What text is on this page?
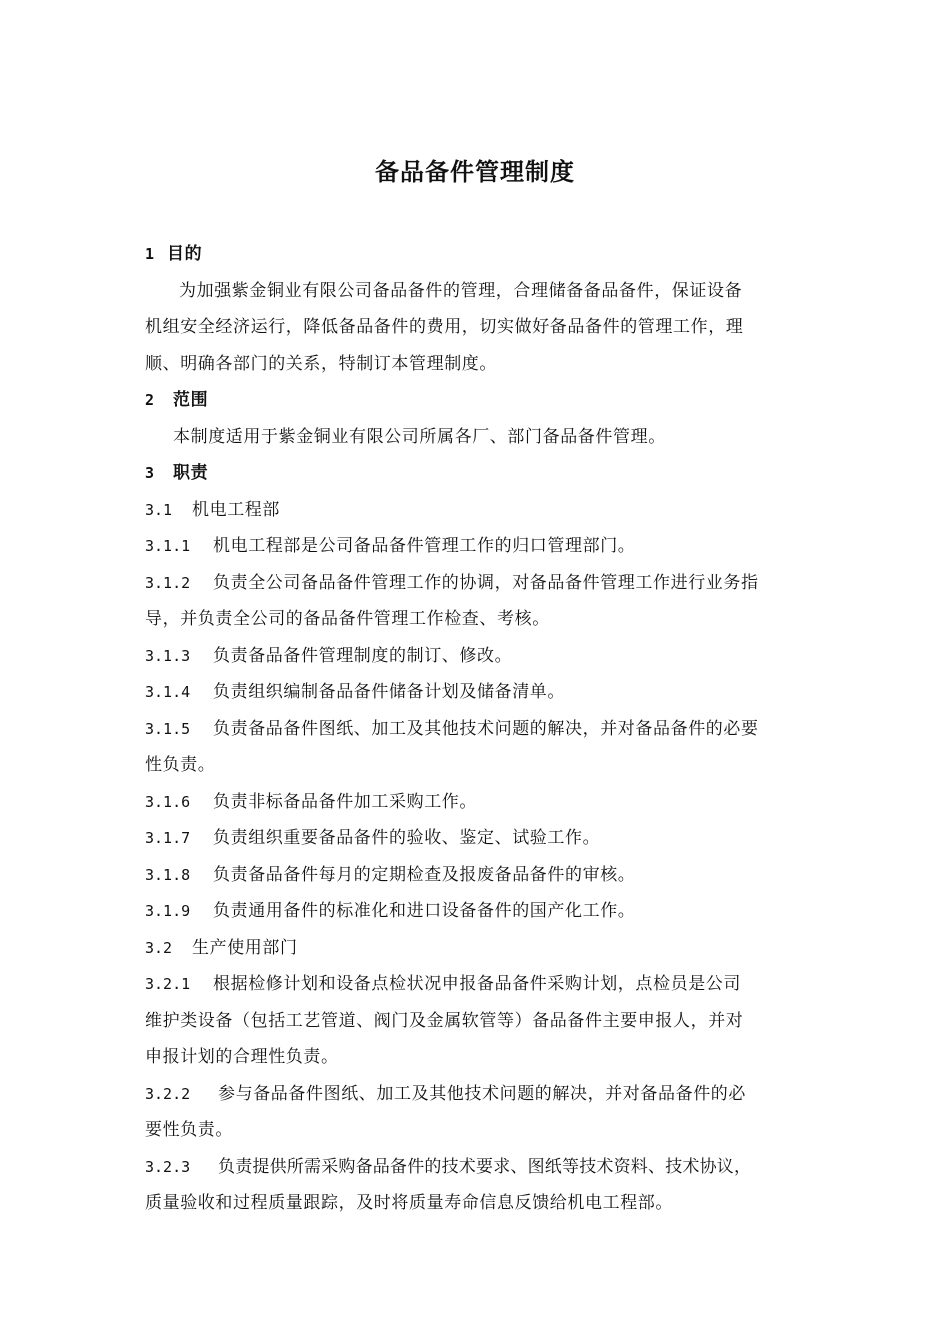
备品备件管理制度
1 目的
为加强紫金铜业有限公司备品备件的管理，合理储备备品备件，保证设备
机组安全经济运行，降低备品备件的费用，切实做好备品备件的管理工作，理
顺、明确各部门的关系，特制订本管理制度。
2 范围
本制度适用于紫金铜业有限公司所属各厂、部门备品备件管理。
3 职责
3.1 机电工程部
3.1.1 机电工程部是公司备品备件管理工作的归口管理部门。
3.1.2 负责全公司备品备件管理工作的协调，对备品备件管理工作进行业务指
导，并负责全公司的备品备件管理工作检查、考核。
3.1.3 负责备品备件管理制度的制订、修改。
3.1.4 负责组织编制备品备件储备计划及储备清单。
3.1.5 负责备品备件图纸、加工及其他技术问题的解决，并对备品备件的必要
性负责。
3.1.6 负责非标备品备件加工采购工作。
3.1.7 负责组织重要备品备件的验收、鉴定、试验工作。
3.1.8 负责备品备件每月的定期检查及报废备品备件的审核。
3.1.9 负责通用备件的标准化和进口设备备件的国产化工作。
3.2 生产使用部门
3.2.1 根据检修计划和设备点检状况申报备品备件采购计划，点检员是公司
维护类设备（包括工艺管道、阀门及金属软管等）备品备件主要申报人，并对
申报计划的合理性负责。
3.2.2 参与备品备件图纸、加工及其他技术问题的解决，并对备品备件的必
要性负责。
3.2.3 负责提供所需采购备品备件的技术要求、图纸等技术资料、技术协议，
质量验收和过程质量跟踪，及时将质量寿命信息反馈给机电工程部。
